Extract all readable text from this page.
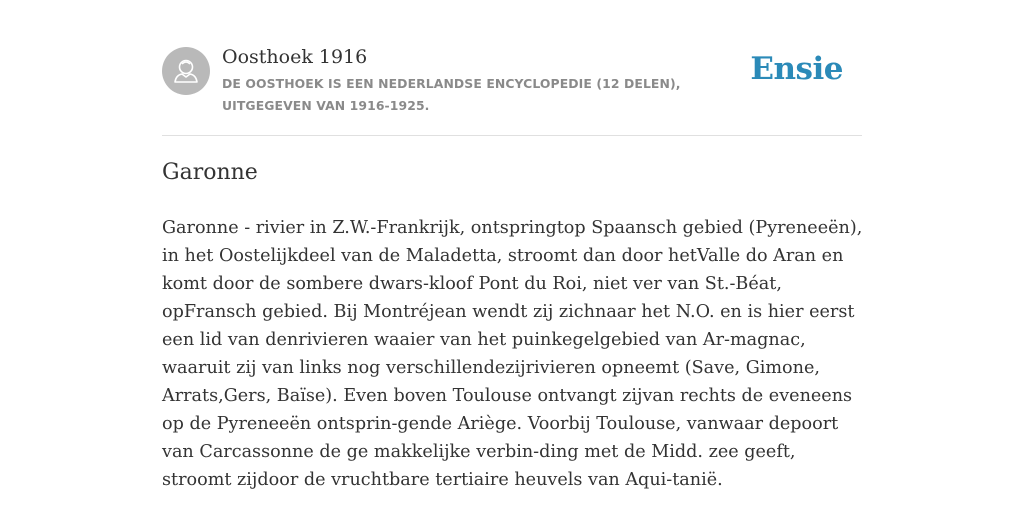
Oosthoek 1916
DE OOSTHOEK IS EEN NEDERLANDSE ENCYCLOPEDIE (12 DELEN), UITGEGEVEN VAN 1916-1925.
Ensie
Garonne

Garonne - rivier in Z.W.-Frankrijk, ontspringtop Spaansch gebied (Pyreneeën), in het Oostelijkdeel van de Maladetta, stroomt dan door hetValle do Aran en komt door de sombere dwars-kloof Pont du Roi, niet ver van St.-Béat, opFransch gebied. Bij Montréjean wendt zij zichnaar het N.O. en is hier eerst een lid van denrivieren waaier van het puinkegelgebied van Ar-magnac, waaruit zij van links nog verschillendezijrivieren opneemt (Save, Gimone, Arrats,Gers, Baïse). Even boven Toulouse ontvangt zijvan rechts de eveneens op de Pyreneeën ontsprin-gende Ariège. Voorbij Toulouse, vanwaar depoort van Carcassonne de ge makkelijke verbin-ding met de Midd. zee geeft, stroomt zijdoor de vruchtbare tertiaire heuvels van Aqui-tanië.
